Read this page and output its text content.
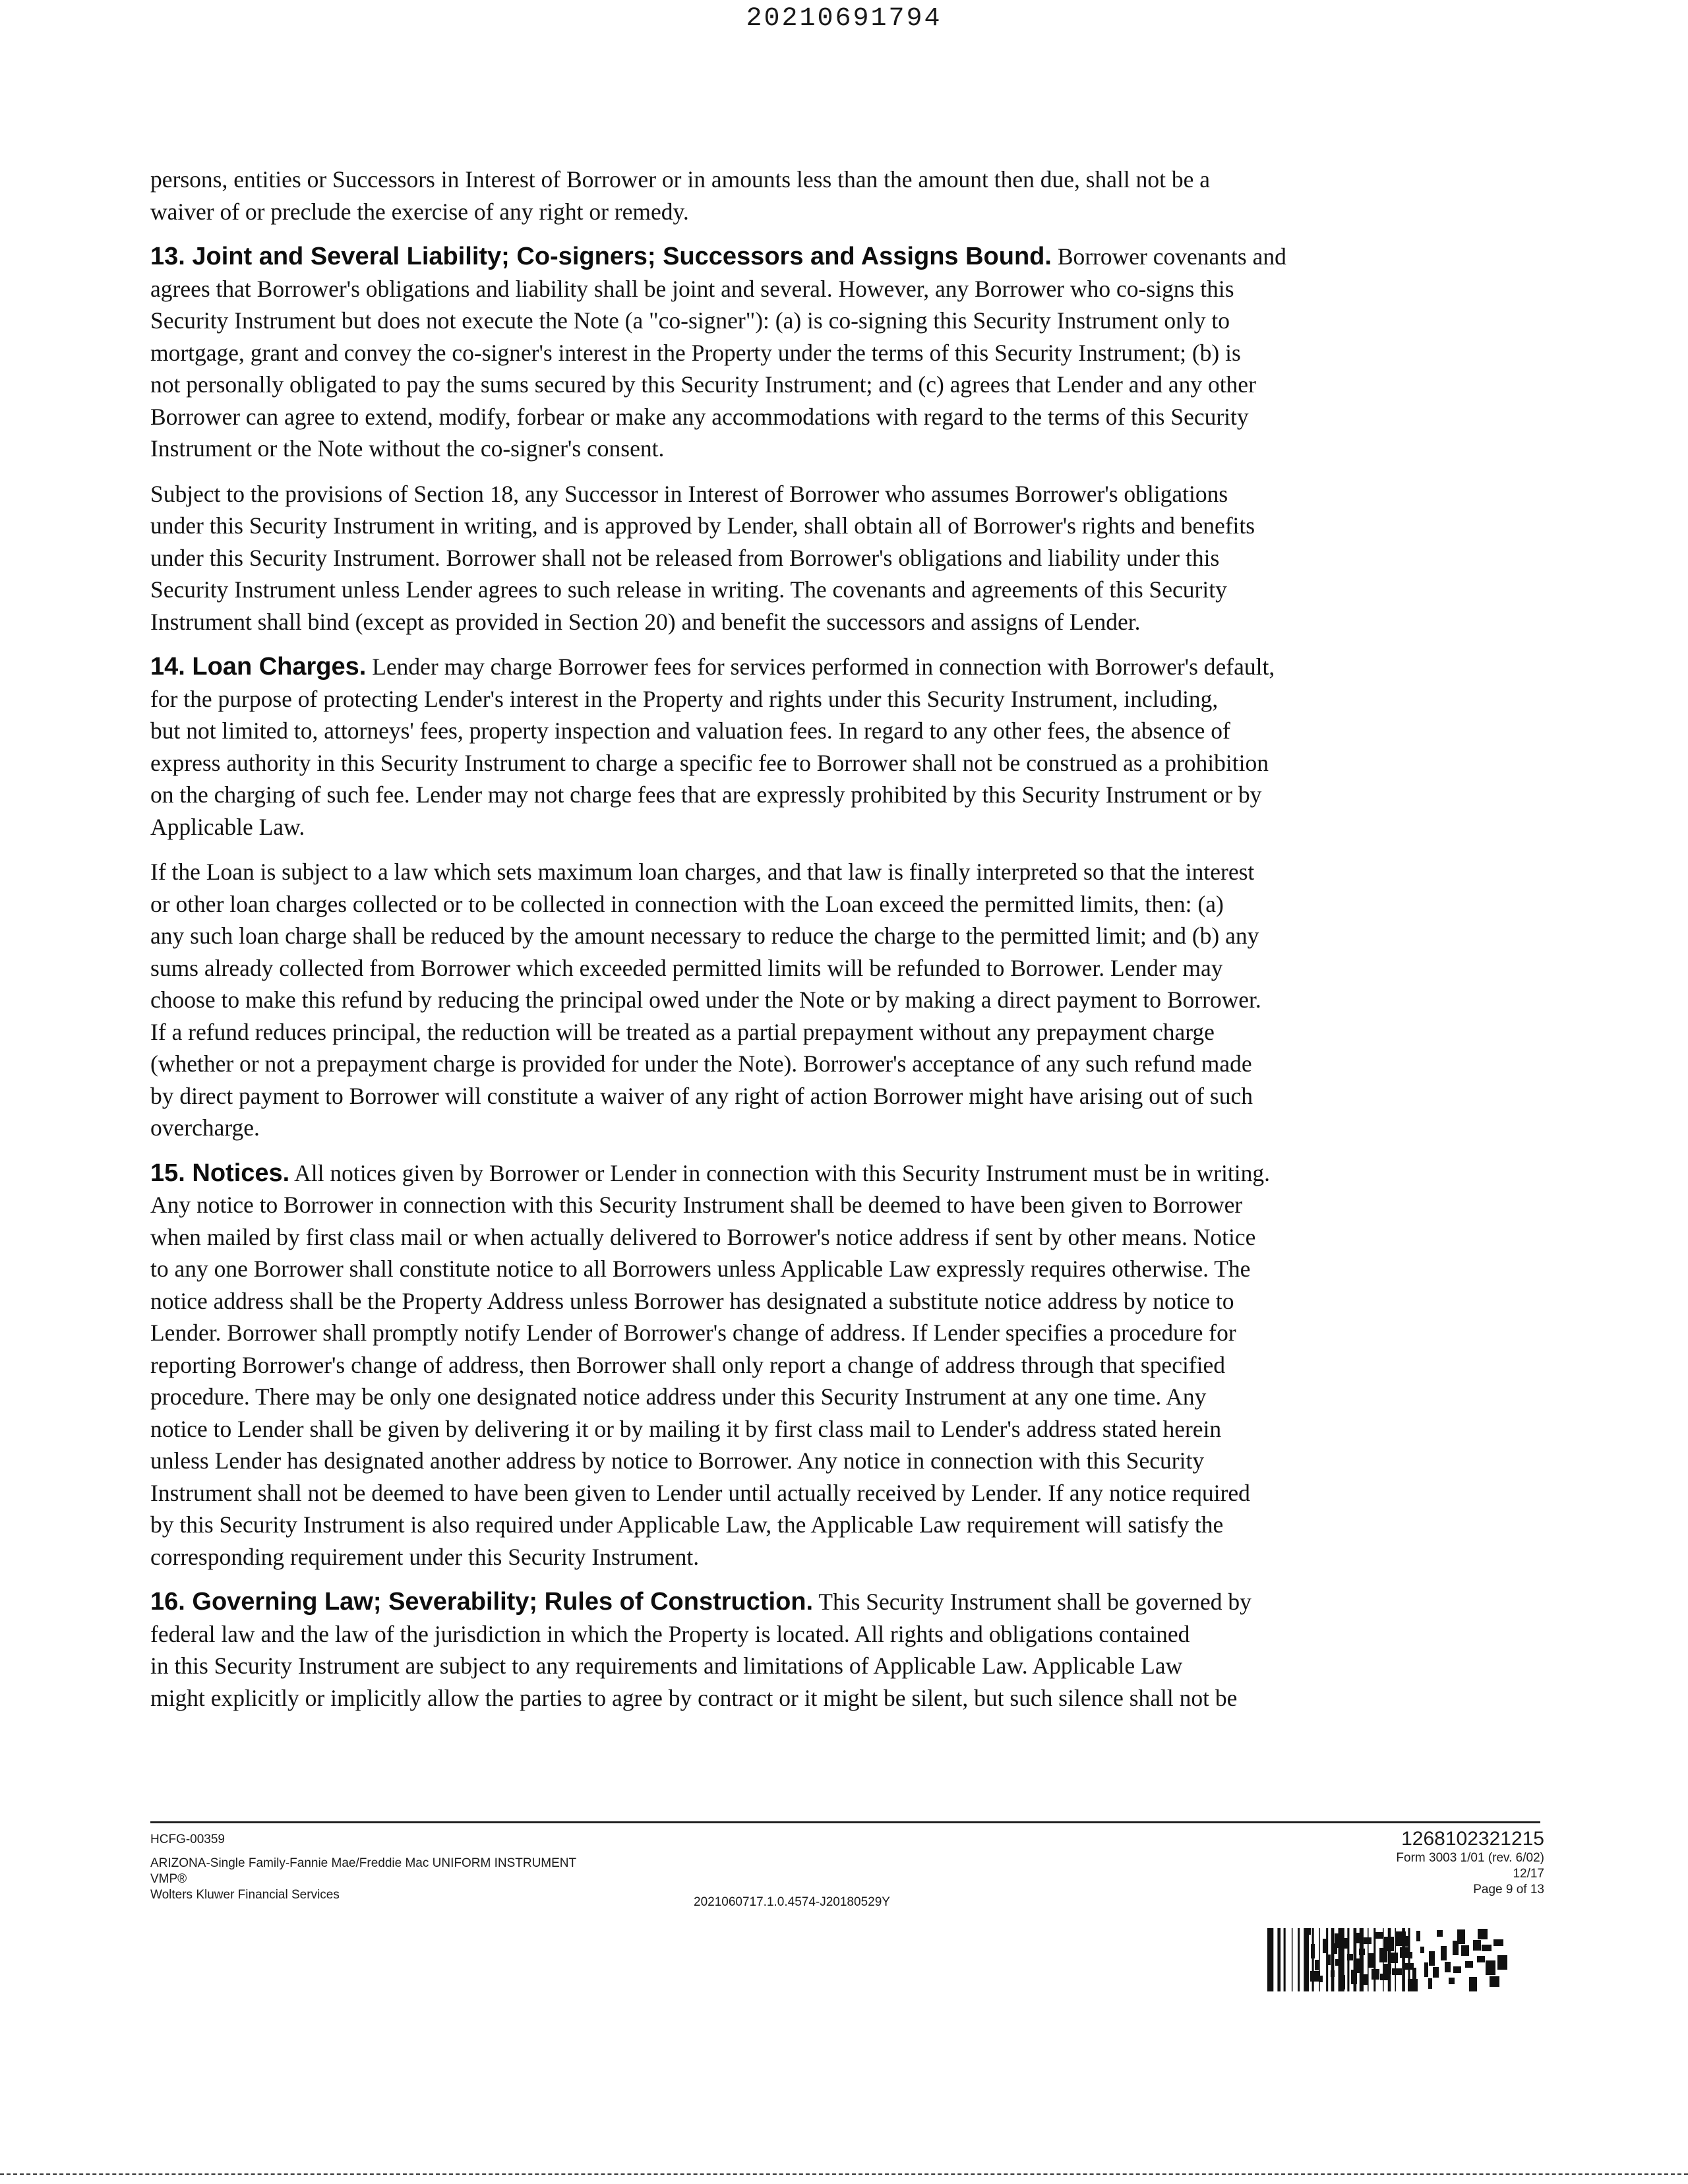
20210691794
persons, entities or Successors in Interest of Borrower or in amounts less than the amount then due, shall not be a
waiver of or preclude the exercise of any right or remedy.
13. Joint and Several Liability; Co-signers; Successors and Assigns Bound. Borrower covenants and
agrees that Borrower's obligations and liability shall be joint and several. However, any Borrower who co-signs this
Security Instrument but does not execute the Note (a "co-signer"): (a) is co-signing this Security Instrument only to
mortgage, grant and convey the co-signer's interest in the Property under the terms of this Security Instrument; (b) is
not personally obligated to pay the sums secured by this Security Instrument; and (c) agrees that Lender and any other
Borrower can agree to extend, modify, forbear or make any accommodations with regard to the terms of this Security
Instrument or the Note without the co-signer's consent.
Subject to the provisions of Section 18, any Successor in Interest of Borrower who assumes Borrower's obligations
under this Security Instrument in writing, and is approved by Lender, shall obtain all of Borrower's rights and benefits
under this Security Instrument. Borrower shall not be released from Borrower's obligations and liability under this
Security Instrument unless Lender agrees to such release in writing. The covenants and agreements of this Security
Instrument shall bind (except as provided in Section 20) and benefit the successors and assigns of Lender.
14. Loan Charges. Lender may charge Borrower fees for services performed in connection with Borrower's default,
for the purpose of protecting Lender's interest in the Property and rights under this Security Instrument, including,
but not limited to, attorneys' fees, property inspection and valuation fees. In regard to any other fees, the absence of
express authority in this Security Instrument to charge a specific fee to Borrower shall not be construed as a prohibition
on the charging of such fee. Lender may not charge fees that are expressly prohibited by this Security Instrument or by
Applicable Law.
If the Loan is subject to a law which sets maximum loan charges, and that law is finally interpreted so that the interest
or other loan charges collected or to be collected in connection with the Loan exceed the permitted limits, then: (a)
any such loan charge shall be reduced by the amount necessary to reduce the charge to the permitted limit; and (b) any
sums already collected from Borrower which exceeded permitted limits will be refunded to Borrower. Lender may
choose to make this refund by reducing the principal owed under the Note or by making a direct payment to Borrower.
If a refund reduces principal, the reduction will be treated as a partial prepayment without any prepayment charge
(whether or not a prepayment charge is provided for under the Note). Borrower's acceptance of any such refund made
by direct payment to Borrower will constitute a waiver of any right of action Borrower might have arising out of such
overcharge.
15. Notices. All notices given by Borrower or Lender in connection with this Security Instrument must be in writing.
Any notice to Borrower in connection with this Security Instrument shall be deemed to have been given to Borrower
when mailed by first class mail or when actually delivered to Borrower's notice address if sent by other means. Notice
to any one Borrower shall constitute notice to all Borrowers unless Applicable Law expressly requires otherwise. The
notice address shall be the Property Address unless Borrower has designated a substitute notice address by notice to
Lender. Borrower shall promptly notify Lender of Borrower's change of address. If Lender specifies a procedure for
reporting Borrower's change of address, then Borrower shall only report a change of address through that specified
procedure. There may be only one designated notice address under this Security Instrument at any one time. Any
notice to Lender shall be given by delivering it or by mailing it by first class mail to Lender's address stated herein
unless Lender has designated another address by notice to Borrower. Any notice in connection with this Security
Instrument shall not be deemed to have been given to Lender until actually received by Lender. If any notice required
by this Security Instrument is also required under Applicable Law, the Applicable Law requirement will satisfy the
corresponding requirement under this Security Instrument.
16. Governing Law; Severability; Rules of Construction. This Security Instrument shall be governed by
federal law and the law of the jurisdiction in which the Property is located. All rights and obligations contained
in this Security Instrument are subject to any requirements and limitations of Applicable Law. Applicable Law
might explicitly or implicitly allow the parties to agree by contract or it might be silent, but such silence shall not be
HCFG-00359
ARIZONA-Single Family-Fannie Mae/Freddie Mac UNIFORM INSTRUMENT
VMP®
Wolters Kluwer Financial Services
2021060717.1.0.4574-J20180529Y
1268102321215
Form 3003 1/01 (rev. 6/02)
12/17
Page 9 of 13
